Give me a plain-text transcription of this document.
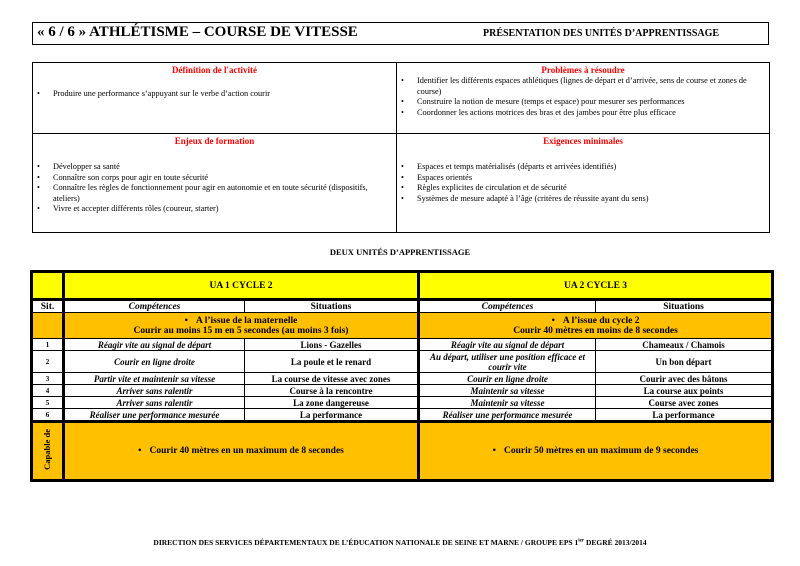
« 6 / 6 » ATHLÉTISME – COURSE DE VITESSE	PRÉSENTATION DES UNITÉS D’APPRENTISSAGE
Définition de l'activité
• Produire une performance s’appuyant sur le verbe d’action courir
Problèmes à résoudre
• Identifier les différents espaces athlétiques (lignes de départ et d’arrivée, sens de course et zones de course)
• Construire la notion de mesure (temps et espace) pour mesurer ses performances
• Coordonner les actions motrices des bras et des jambes pour être plus efficace
Enjeux de formation
• Développer sa santé
• Connaître son corps pour agir en toute sécurité
• Connaître les règles de fonctionnement pour agir en autonomie et en toute sécurité (dispositifs, ateliers)
• Vivre et accepter différents rôles (coureur, starter)
Exigences minimales
• Espaces et temps matérialisés (départs et arrivées identifiés)
• Espaces orientés
• Règles explicites de circulation et de sécurité
• Systèmes de mesure adapté à l’âge (critères de réussite ayant du sens)
DEUX UNITÉS D’APPRENTISSAGE
	UA 1 CYCLE 2		UA 2 CYCLE 3	
Sit.	Compétences	Situations	Compétences	Situations

• A l’issue de la maternelle
Courir au moins 15 m en 5 secondes (au moins 3 fois)

• A l’issue du cycle 2
Courir 40 mètres en moins de 8 secondes

1	Réagir vite au signal de départ	Lions - Gazelles	Réagir vite au signal de départ	Chameaux / Chamois
2	Courir en ligne droite	La poule et le renard	Au départ, utiliser une position efficace et courir vite	Un bon départ
3	Partir vite et maintenir sa vitesse	La course de vitesse avec zones	Courir en ligne droite	Courir avec des bâtons
4	Arriver sans ralentir	Course à la rencontre	Maintenir sa vitesse	La course aux points
5	Arriver sans ralentir	La zone dangereuse	Maintenir sa vitesse	Course avec zones
6	Réaliser une performance mesurée	La performance	Réaliser une performance mesurée	La performance
Capable de	• Courir 40 mètres en un maximum de 8 secondes		• Courir 50 mètres en un maximum de 9 secondes	
DIRECTION DES SERVICES DÉPARTEMENTAUX DE L’ÉDUCATION NATIONALE DE SEINE ET MARNE / GROUPE EPS $1^{ier}$ DEGRÉ 2013/2014
